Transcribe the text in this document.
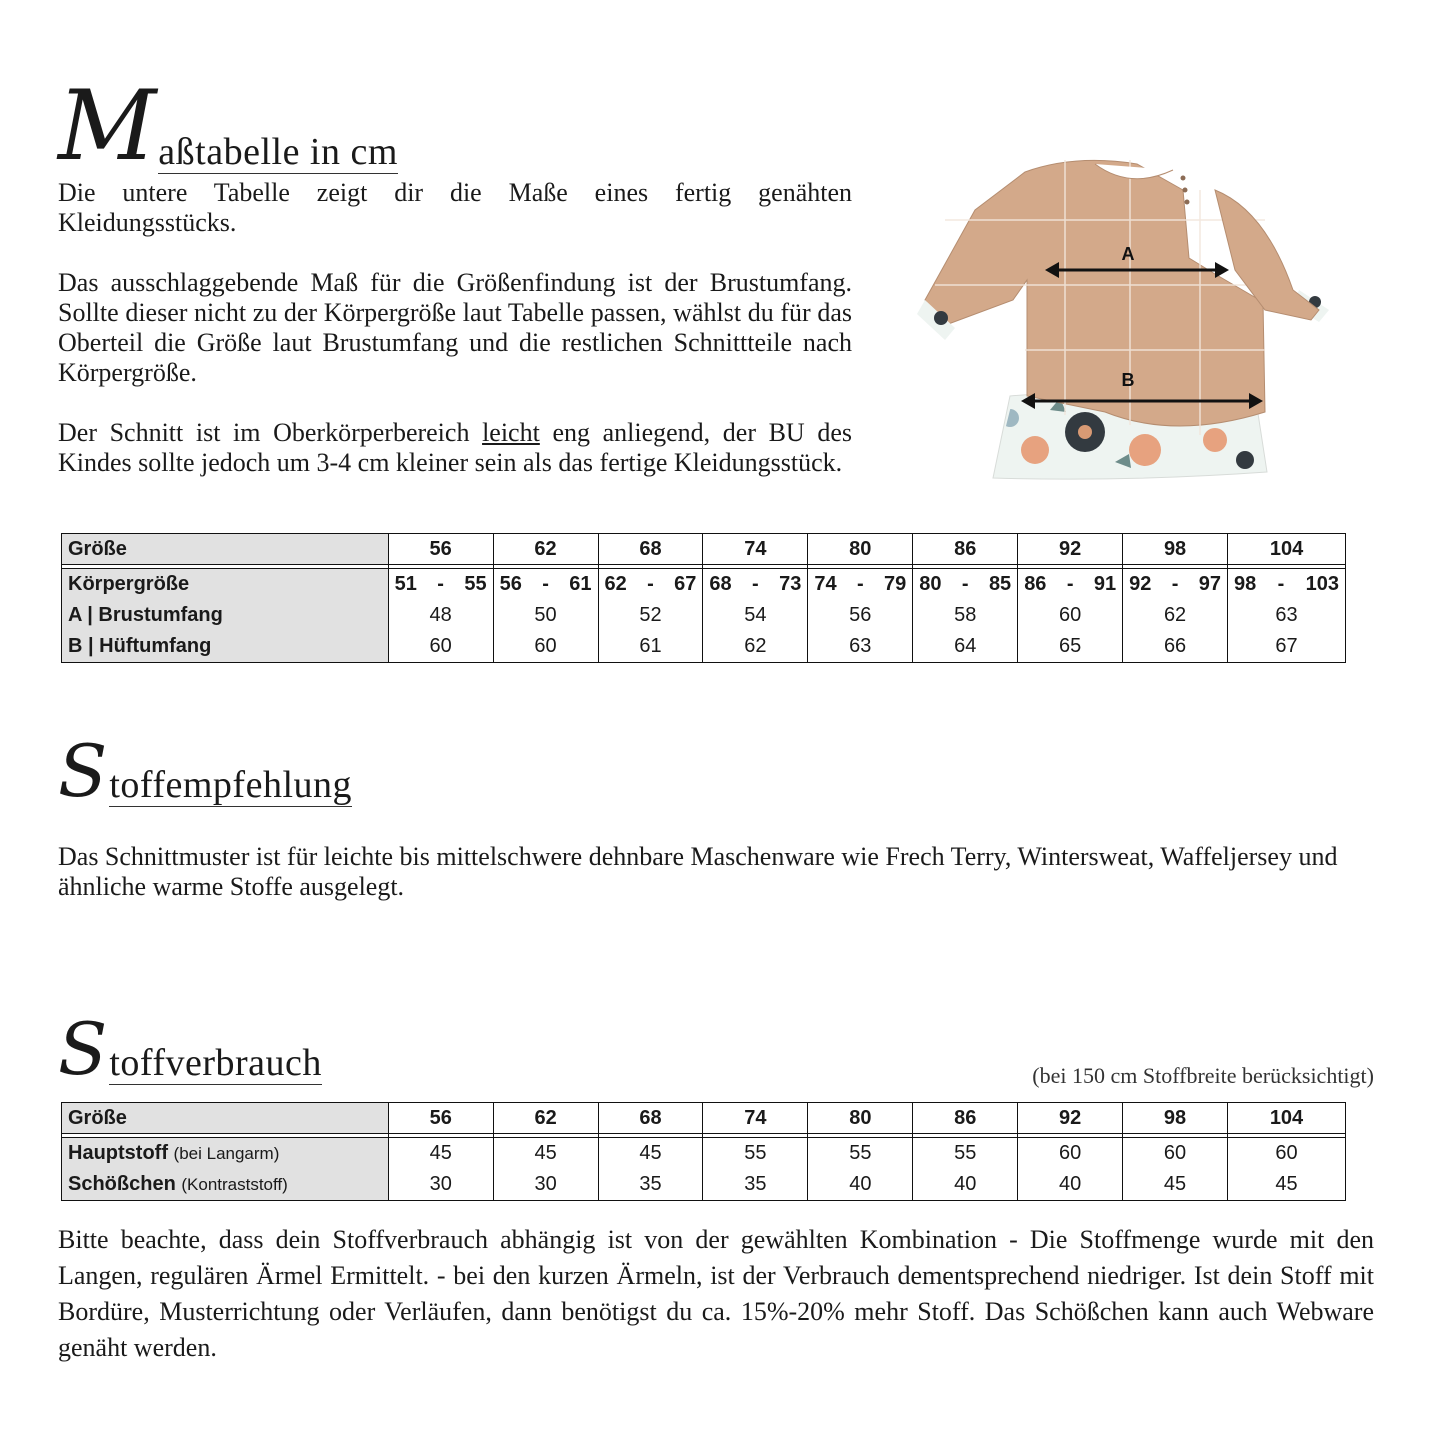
M aßtabelle in cm

Die untere Tabelle zeigt dir die Maße eines fertig genähten Kleidungsstücks.

Das ausschlaggebende Maß für die Größenfindung ist der Brustumfang. Sollte dieser nicht zu der Körpergröße laut Tabelle passen, wählst du für das Oberteil die Größe laut Brustumfang und die restlichen Schnittteile nach Körpergröße.

Der Schnitt ist im Oberkörperbereich leicht eng anliegend, der BU des Kindes sollte jedoch um 3-4 cm kleiner sein als das fertige Kleidungsstück.

A
B
Größe	56	62	68	74	80	86	92	98	104

Körpergröße	51 - 55	56 - 61	62 - 67	68 - 73	74 - 79	80 - 85	86 - 91	92 - 97	98 - 103

A | Brustumfang	48	50	52	54	56	58	60	62	63
B | Hüftumfang	60	60	61	62	63	64	65	66	67
S toffempfehlung
Das Schnittmuster ist für leichte bis mittelschwere dehnbare Maschenware wie Frech Terry, Wintersweat, Waffeljersey und ähnliche warme Stoffe ausgelegt.
S toffverbrauch	(bei 150 cm Stoffbreite berücksichtigt)
Größe	56	62	68	74	80	86	92	98	104

Hauptstoff (bei Langarm)	45	45	45	55	55	55	60	60	60
Schößchen (Kontraststoff)	30	30	35	35	40	40	40	45	45
Bitte beachte, dass dein Stoffverbrauch abhängig ist von der gewählten Kombination - Die Stoffmenge wurde mit den Langen, regulären Ärmel Ermittelt. - bei den kurzen Ärmeln, ist der Verbrauch dementsprechend niedriger. Ist dein Stoff mit Bordüre, Musterrichtung oder Verläufen, dann benötigst du ca. 15%-20% mehr Stoff. Das Schößchen kann auch Webware genäht werden.
